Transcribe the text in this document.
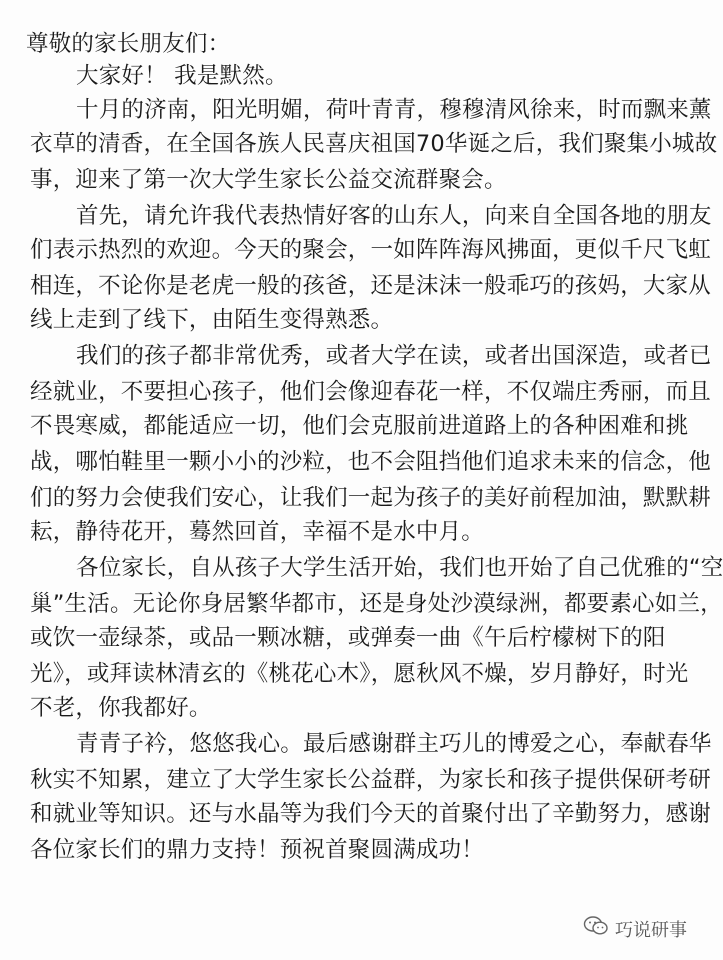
尊敬的家长朋友们：
大家好！ 我是默然。
十月的济南，阳光明媚，荷叶青青，穆穆清风徐来，时而飘来薰
衣草的清香，在全国各族人民喜庆祖国70华诞之后，我们聚集小城故
事，迎来了第一次大学生家长公益交流群聚会。
首先，请允许我代表热情好客的山东人，向来自全国各地的朋友
们表示热烈的欢迎。今天的聚会，一如阵阵海风拂面，更似千尺飞虹
相连，不论你是老虎一般的孩爸，还是沫沫一般乖巧的孩妈，大家从
线上走到了线下，由陌生变得熟悉。
我们的孩子都非常优秀，或者大学在读，或者出国深造，或者已
经就业，不要担心孩子，他们会像迎春花一样，不仅端庄秀丽，而且
不畏寒威，都能适应一切，他们会克服前进道路上的各种困难和挑
战，哪怕鞋里一颗小小的沙粒，也不会阻挡他们追求未来的信念，他
们的努力会使我们安心，让我们一起为孩子的美好前程加油，默默耕
耘，静待花开，蓦然回首，幸福不是水中月。
各位家长，自从孩子大学生活开始，我们也开始了自己优雅的“空
巢”生活。无论你身居繁华都市，还是身处沙漠绿洲，都要素心如兰，
或饮一壶绿茶，或品一颗冰糖，或弹奏一曲《午后柠檬树下的阳
光》，或拜读林清玄的《桃花心木》，愿秋风不燥，岁月静好，时光
不老，你我都好。
青青子衿，悠悠我心。最后感谢群主巧儿的博爱之心，奉献春华
秋实不知累，建立了大学生家长公益群，为家长和孩子提供保研考研
和就业等知识。还与水晶等为我们今天的首聚付出了辛勤努力，感谢
各位家长们的鼎力支持！预祝首聚圆满成功！
巧说研事
